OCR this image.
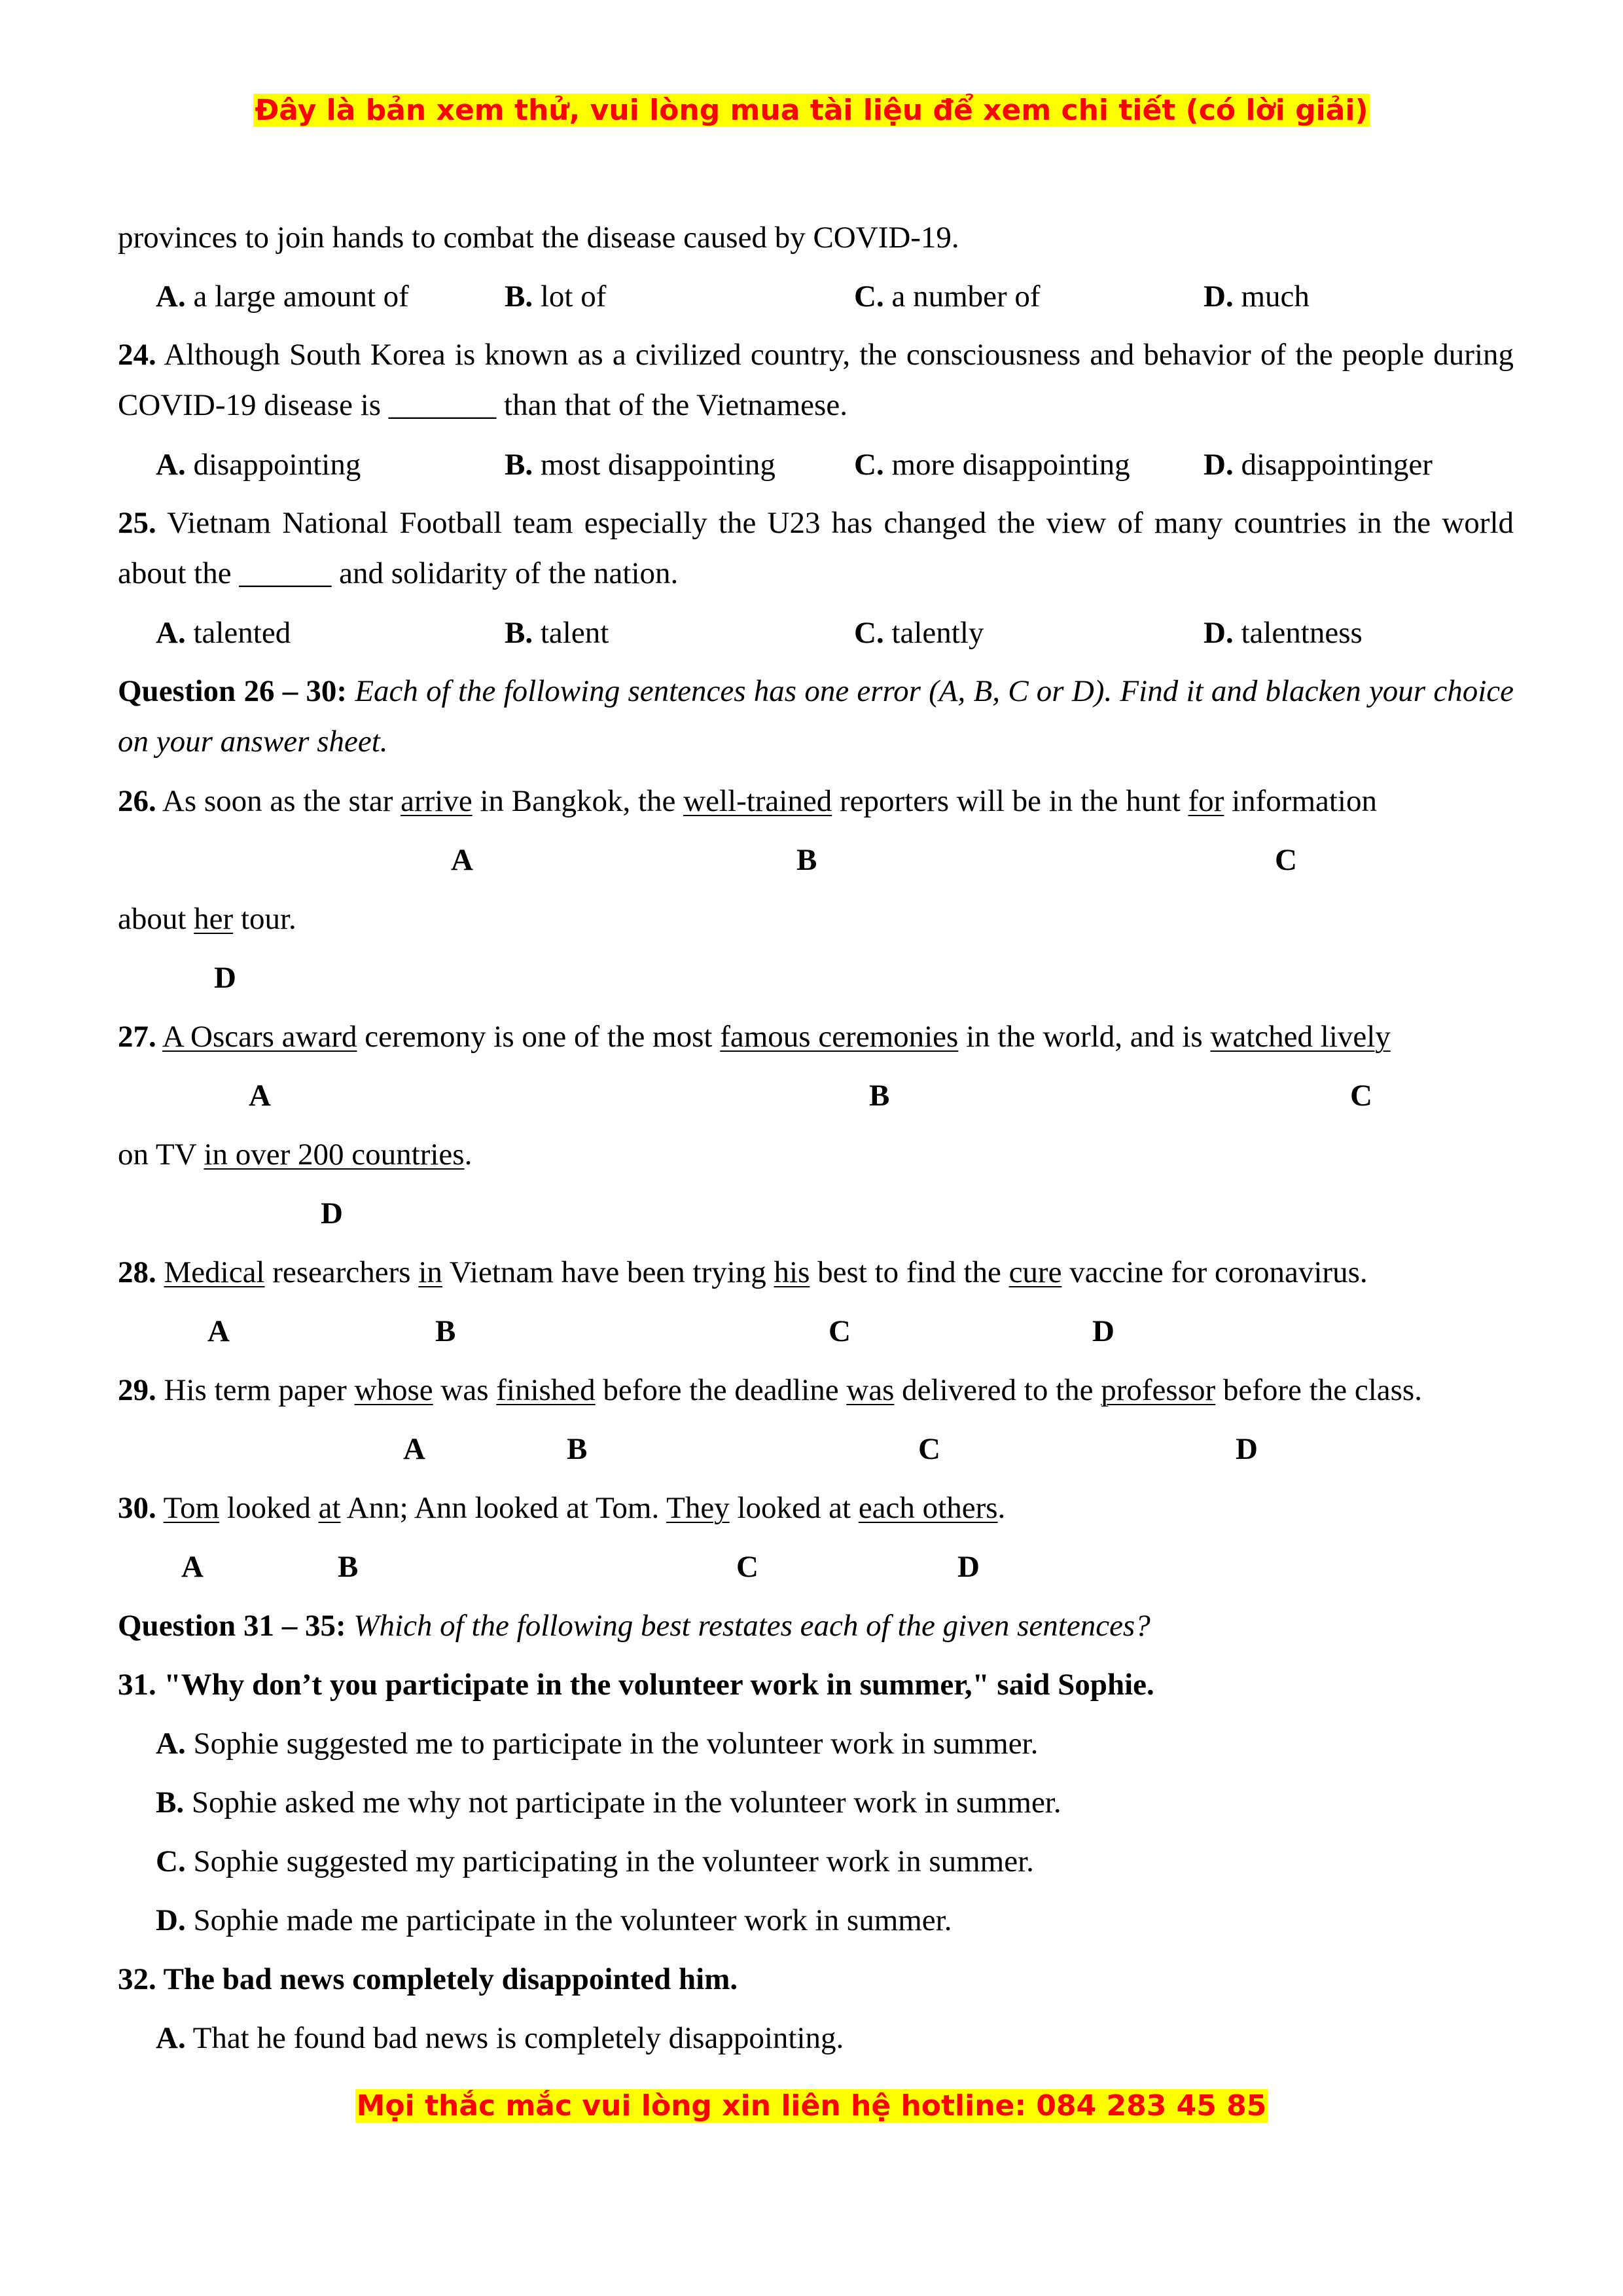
Đây là bản xem thử, vui lòng mua tài liệu để xem chi tiết (có lời giải)
provinces to join hands to combat the disease caused by COVID-19.
A. a large amount of	B. lot of	C. a number of	D. much
24. Although South Korea is known as a civilized country, the consciousness and behavior of the people during COVID-19 disease is _______ than that of the Vietnamese.
A. disappointing	B. most disappointing	C. more disappointing D. disappointinger
25. Vietnam National Football team especially the U23 has changed the view of many countries in the world about the ______ and solidarity of the nation.
A. talented	B. talent	C. talently	D. talentness
Question 26 – 30: Each of the following sentences has one error (A, B, C or D). Find it and blacken your choice on your answer sheet.
26. As soon as the star arrive in Bangkok, the well-trained reporters will be in the hunt for information
A	B	C
about her tour.
D
27. A Oscars award ceremony is one of the most famous ceremonies in the world, and is watched lively
A	B	C
on TV in over 200 countries.
D
28. Medical researchers in Vietnam have been trying his best to find the cure vaccine for coronavirus.
A	B	C	D
29. His term paper whose was finished before the deadline was delivered to the professor before the class.
A	B	C	D
30. Tom looked at Ann; Ann looked at Tom. They looked at each others.
A	B	C	D
Question 31 – 35: Which of the following best restates each of the given sentences?
31. "Why don’t you participate in the volunteer work in summer," said Sophie.
A. Sophie suggested me to participate in the volunteer work in summer.
B. Sophie asked me why not participate in the volunteer work in summer.
C. Sophie suggested my participating in the volunteer work in summer.
D. Sophie made me participate in the volunteer work in summer.
32. The bad news completely disappointed him.
A. That he found bad news is completely disappointing.
Mọi thắc mắc vui lòng xin liên hệ hotline: 084 283 45 85
